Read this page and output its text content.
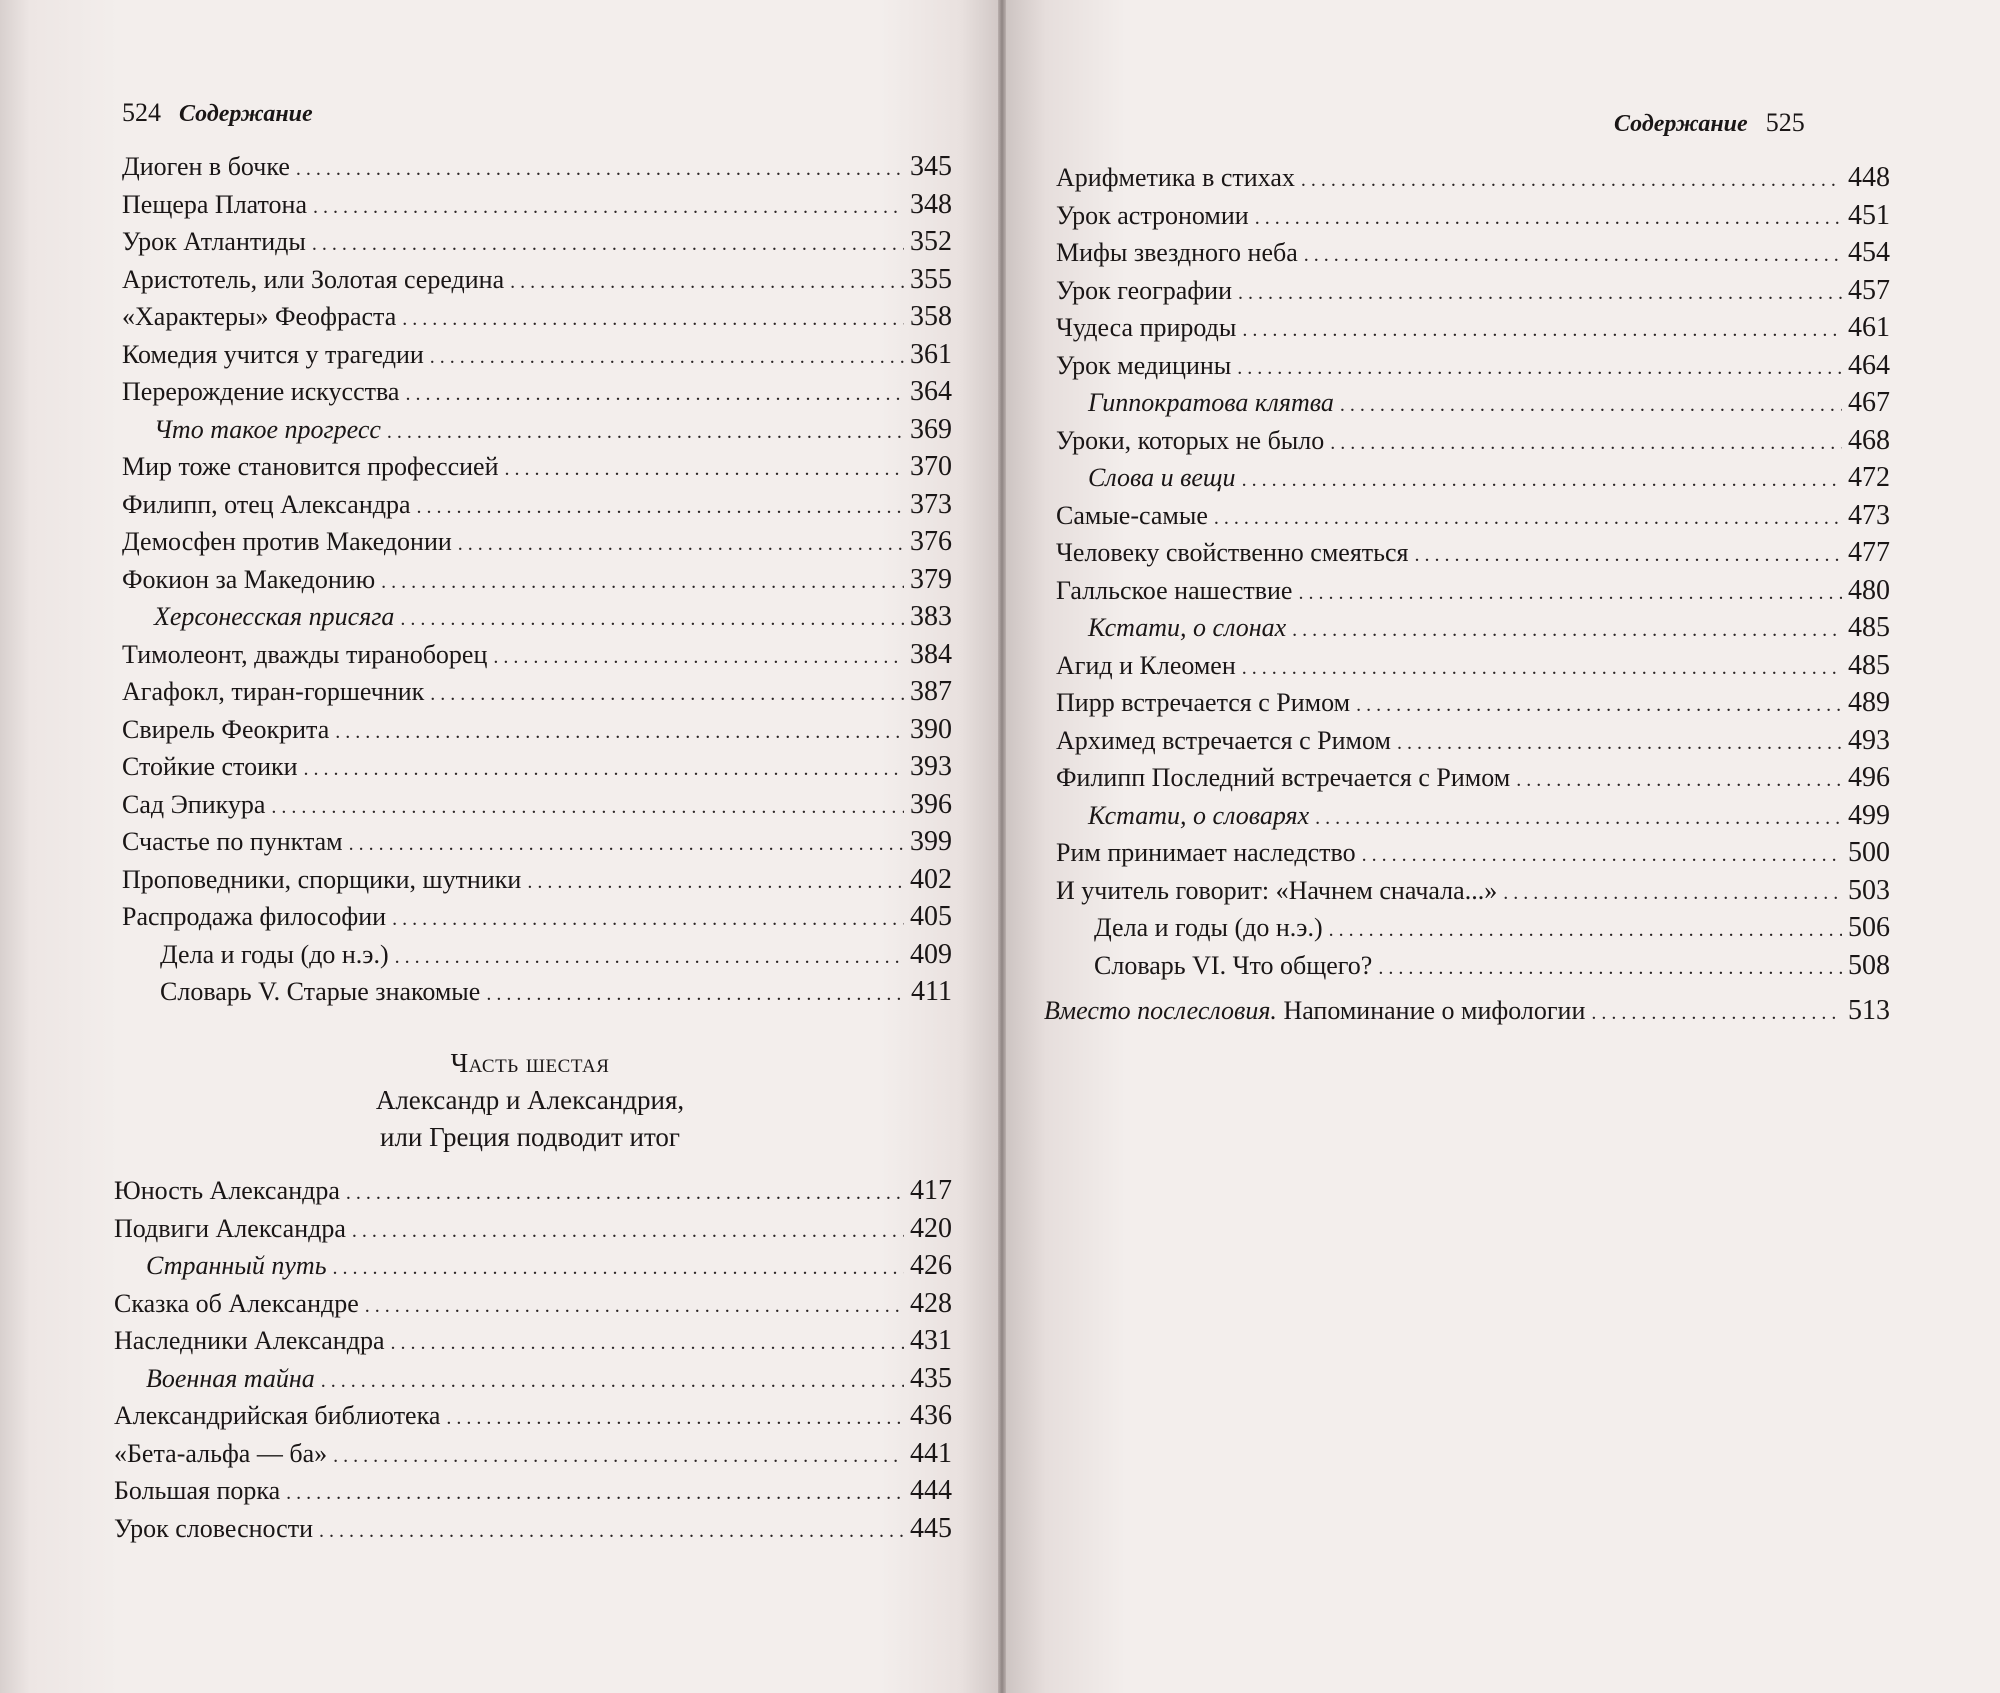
524 Содержание	Содержание 525
Диоген в бочке . . .	345
Пещера Платона . . .	348
Урок Атлантиды . . .	352
Аристотель, или Золотая середина . . .	355
«Характеры» Феофраста . . .	358
Комедия учится у трагедии . . .	361
Перерождение искусства . . .	364
Что такое прогресс . . .	369
Мир тоже становится профессией . . .	370
Филипп, отец Александра . . .	373
Демосфен против Македонии . . .	376
Фокион за Македонию . . .	379
Херсонесская присяга . . .	383
Тимолеонт, дважды тираноборец . . .	384
Агафокл, тиран-горшечник . . .	387
Свирель Феокрита . . .	390
Стойкие стоики . . .	393
Сад Эпикура . . .	396
Счастье по пунктам . . .	399
Проповедники, спорщики, шутники . . .	402
Распродажа философии . . .	405
Дела и годы (до н.э.) . . .	409
Словарь V. Старые знакомые . . .	411
Часть шестая
Александр и Александрия,
или Греция подводит итог
Юность Александра . . .	417
Подвиги Александра . . .	420
Странный путь . . .	426
Сказка об Александре . . .	428
Наследники Александра . . .	431
Военная тайна . . .	435
Александрийская библиотека . . .	436
«Бета-альфа — ба» . . .	441
Большая порка . . .	444
Урок словесности . . .	445
Арифметика в стихах . . .	448
Урок астрономии . . .	451
Мифы звездного неба . . .	454
Урок географии . . .	457
Чудеса природы . . .	461
Урок медицины . . .	464
Гиппократова клятва . . .	467
Уроки, которых не было . . .	468
Слова и вещи . . .	472
Самые-самые . . .	473
Человеку свойственно смеяться . . .	477
Галльское нашествие . . .	480
Кстати, о слонах . . .	485
Агид и Клеомен . . .	485
Пирр встречается с Римом . . .	489
Архимед встречается с Римом . . .	493
Филипп Последний встречается с Римом . . .	496
Кстати, о словарях . . .	499
Рим принимает наследство . . .	500
И учитель говорит: «Начнем сначала...» . . .	503
Дела и годы (до н.э.) . . .	506
Словарь VI. Что общего? . . .	508
Вместо послесловия. Напоминание о мифологии . . .	513
